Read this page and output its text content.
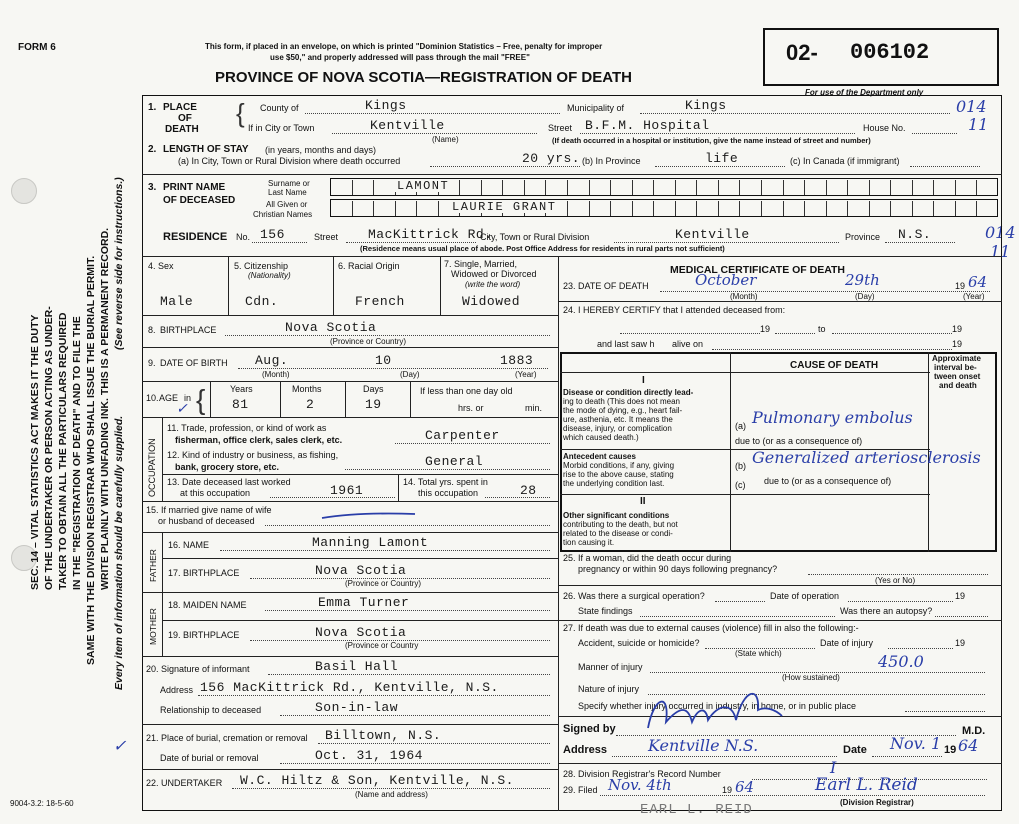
FORM 6	This form, if placed in an envelope, on which is printed "Dominion Statistics – Free, penalty for improper
use $50," and properly addressed will pass through the mail "FREE"
PROVINCE OF NOVA SCOTIA—REGISTRATION OF DEATH
02- 006102
For use of the Department only
014
11
014
11
SEC. 14 – VITAL STATISTICS ACT MAKES IT THE DUTY OF THE UNDERTAKER OR PERSON ACTING AS UNDER- TAKER TO OBTAIN ALL THE PARTICULARS REQUIRED IN THE "REGISTRATION OF DEATH" AND TO FILE THE SAME WITH THE DIVISION REGISTRAR WHO SHALL ISSUE THE BURIAL PERMIT. WRITE PLAINLY WITH UNFADING INK. THIS IS A PERMANENT RECORD. (See reverse side for instructions.)
Every item of information should be carefully supplied.
1. PLACE
OF
DEATH
{ County of	Kings	Municipality of	Kings
If in City or Town	Kentville
(Name)
Street B.F.M. Hospital	House No.
(If death occurred in a hospital or institution, give the name instead of street and number)
2. LENGTH OF STAY (in years, months and days)
(a) In City, Town or Rural Division where death occurred	20 yrs. (b) In Province	life	(c) In Canada (if immigrant)
3. PRINT NAME
OF DECEASED
Surname or
Last Name
All Given or
Christian Names
LAMONT
LAURIE GRANT
RESIDENCE No. 156	Street MacKittrick Rd.
City, Town or Rural Division	Kentville	Province N.S.
(Residence means usual place of abode. Post Office Address for residents in rural parts not sufficient)
4. Sex	5. Citizenship
(Nationality)
6. Racial Origin	7. Single, Married,
Widowed or Divorced
(write the word)
Male	Cdn.	French	Widowed
8. BIRTHPLACE	Nova Scotia
(Province or Country)
9. DATE OF BIRTH Aug.	10	1883
(Month)	(Day)	(Year)
10. AGE in
✓ {	Years	Months	Days	If less than one day old
81	2	19	hrs. or	min.
OCCUPATION
11. Trade, profession, or kind of work as
fisherman, office clerk, sales clerk, etc.	Carpenter
12. Kind of industry or business, as fishing,
bank, grocery store, etc.	General
13. Date deceased last worked
at this occupation	1961
14. Total yrs. spent in
this occupation	28
15. If married give name of wife
or husband of deceased
FATHER
16. NAME	Manning Lamont
17. BIRTHPLACE	Nova Scotia
(Province or Country)
MOTHER
18. MAIDEN NAME	Emma Turner
19. BIRTHPLACE	Nova Scotia
(Province or Country
20. Signature of informant	Basil Hall
Address 156 MacKittrick Rd., Kentville, N.S.
Relationship to deceased	Son-in-law
21. Place of burial, cremation or removal Billtown, N.S.
Date of burial or removal	Oct. 31, 1964
22. UNDERTAKER W.C. Hiltz & Son, Kentville, N.S.
(Name and address)
9004-3.2: 18-5-60
✓
MEDICAL CERTIFICATE OF DEATH
23. DATE OF DEATH	October	29th	19 64
(Month)	(Day)	(Year)
24. I HEREBY CERTIFY that I attended deceased from:
19	to	19
and last saw h alive on	19
CAUSE OF DEATH
Approximate
interval be-
tween onset
and death
I
Disease or condition directly lead-
ing to death (This does not mean
the mode of dying, e.g., heart fail-
ure, asthenia, etc. It means the
disease, injury, or complication
which caused death.)
(a) Pulmonary embolus
due to (or as a consequence of)
(b) Generalized arteriosclerosis
Antecedent causes
Morbid conditions, if any, giving
rise to the above cause, stating
the underlying condition last.	due to (or as a consequence of)
(c)
II
Other significant conditions
contributing to the death, but not
related to the disease or condi-
tion causing it.
25. If a woman, did the death occur during
pregnancy or within 90 days following pregnancy?
(Yes or No)
26. Was there a surgical operation?	Date of operation	19
State findings	Was there an autopsy?
27. If death was due to external causes (violence) fill in also the following:-
Accident, suicide or homicide?	Date of injury	19
(State which)
Manner of injury	450.0
(How sustained)
Nature of injury
Specify whether injury occurred in industry, in home, or in public place
Signed by	M.D.
Address	Kentville N.S.	Date Nov. 1 19 64
28. Division Registrar's Record Number	I
29. Filed Nov. 4th	19 64	Earl L. Reid
(Division Registrar)
EARL L. REID
